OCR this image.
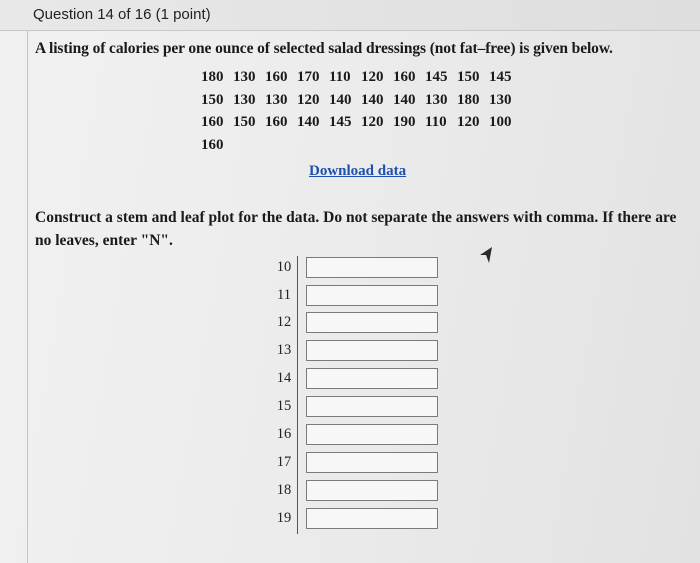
Question 14 of 16 (1 point)
A listing of calories per one ounce of selected salad dressings (not fat–free) is given below.
180 130 160 170 110 120 160 145 150 145
150 130 130 120 140 140 140 130 180 130
160 150 160 140 145 120 190 110 120 100
160
Download data
Construct a stem and leaf plot for the data. Do not separate the answers with comma. If there are no leaves, enter "N".
10
11
12
13
14
15
16
17
18
19
